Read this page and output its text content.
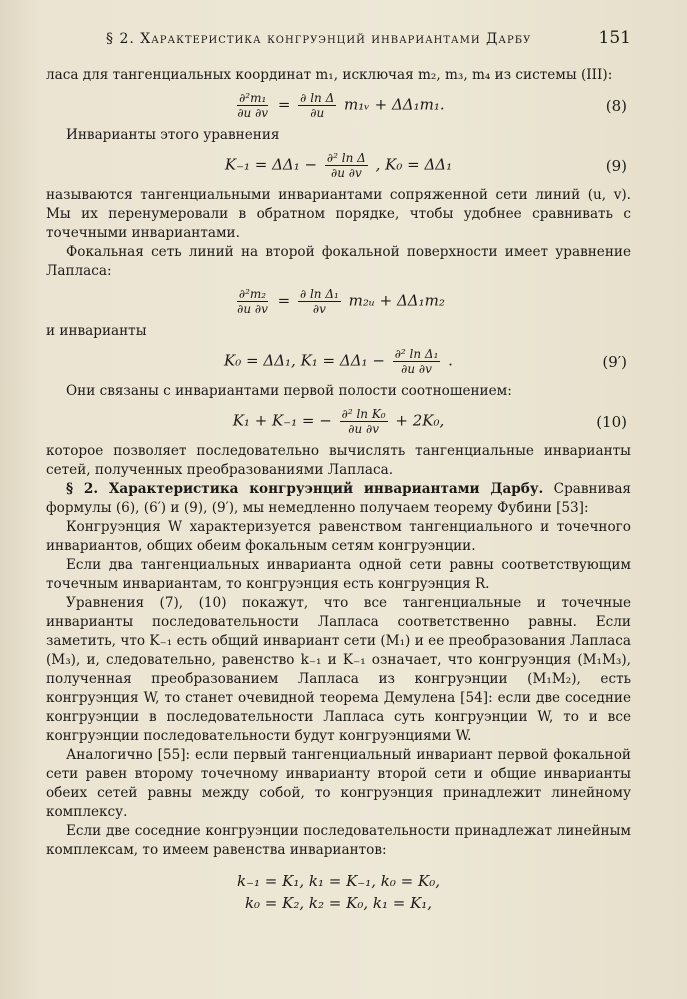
§ 2. Характеристика конгруэнций инвариантами Дарбу	151

ласа для тангенциальных координат m₁, исключая m₂, m₃, m₄ из системы (III):

$\frac{\text{∂²m₁}}{\partial u \partial v} = \frac{\text{∂ ln Δ}}{\partial u}$ m₁ᵥ + ΔΔ₁m₁.	(8)

Инварианты этого уравнения

$K_{-1} = \Delta\Delta_1 - \frac{\text{∂² ln Δ}}{\partial u \partial v}$ , K₀ = ΔΔ₁	(9)

называются тангенциальными инвариантами сопряженной сети линий (u, v). Мы их перенумеровали в обратном порядке, чтобы удобнее сравнивать с точечными инвариантами.

Фокальная сеть линий на второй фокальной поверхности имеет уравнение Лапласа:

$\frac{\text{∂²m₂}}{\partial u \partial v} = \frac{\text{∂ ln Δ₁}}{\partial v}$ m₂ᵤ + ΔΔ₁m₂

и инварианты

K₀ = ΔΔ₁, $K_1 = \Delta\Delta_1 - \frac{\text{∂² ln Δ₁}}{\partial u \partial v}$ .	(9′)

Они связаны с инвариантами первой полости соотношением:

K₁ + K₋₁ = − $\frac{\text{∂² ln K₀}}{\partial u \partial v} + 2K_0$,	(10)

которое позволяет последовательно вычислять тангенциальные инварианты сетей, полученных преобразованиями Лапласа.

§ 2. Характеристика конгруэнций инвариантами Дарбу. Сравнивая формулы (6), (6′) и (9), (9′), мы немедленно получаем теорему Фубини [53]:

Конгруэнция W характеризуется равенством тангенциального и точечного инвариантов, общих обеим фокальным сетям конгруэнции.

Если два тангенциальных инварианта одной сети равны соответствующим точечным инвариантам, то конгруэнция есть конгруэнция R.

Уравнения (7), (10) покажут, что все тангенциальные и точечные инварианты последовательности Лапласа соответственно равны. Если заметить, что K₋₁ есть общий инвариант сети (M₁) и ее преобразования Лапласа (M₃), и, следовательно, равенство k₋₁ и K₋₁ означает, что конгруэнция (M₁M₃), полученная преобразованием Лапласа из конгруэнции (M₁M₂), есть конгруэнция W, то станет очевидной теорема Демулена [54]: если две соседние конгруэнции в последовательности Лапласа суть конгруэнции W, то и все конгруэнции последовательности будут конгруэнциями W.

Аналогично [55]: если первый тангенциальный инвариант первой фокальной сети равен второму точечному инварианту второй сети и общие инварианты обеих сетей равны между собой, то конгруэнция принадлежит линейному комплексу.

Если две соседние конгруэнции последовательности принадлежат линейным комплексам, то имеем равенства инвариантов:

k₋₁ = K₁, k₁ = K₋₁, k₀ = K₀,
k₀ = K₂, k₂ = K₀, k₁ = K₁,
